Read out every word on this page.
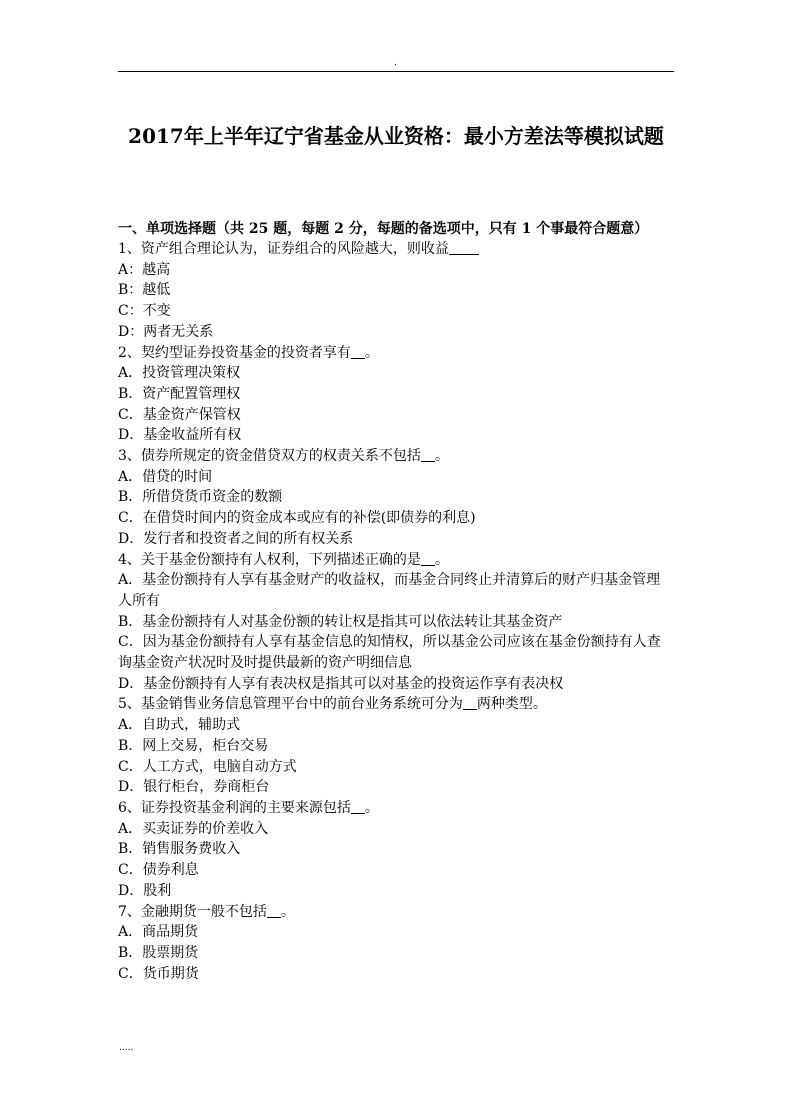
.
2017年上半年辽宁省基金从业资格：最小方差法等模拟试题
一、单项选择题（共 25 题，每题 2 分，每题的备选项中，只有 1 个事最符合题意）
1、资产组合理论认为，证券组合的风险越大，则收益
A：越高
B：越低
C：不变
D：两者无关系
2、契约型证券投资基金的投资者享有 。
A．投资管理决策权
B．资产配置管理权
C．基金资产保管权
D．基金收益所有权
3、债券所规定的资金借贷双方的权责关系不包括 。
A．借贷的时间
B．所借贷货币资金的数额
C．在借贷时间内的资金成本或应有的补偿(即债券的利息)
D．发行者和投资者之间的所有权关系
4、关于基金份额持有人权利，下列描述正确的是 。
A．基金份额持有人享有基金财产的收益权，而基金合同终止并清算后的财产归基金管理人所有
B．基金份额持有人对基金份额的转让权是指其可以依法转让其基金资产
C．因为基金份额持有人享有基金信息的知情权，所以基金公司应该在基金份额持有人查询基金资产状况时及时提供最新的资产明细信息
D．基金份额持有人享有表决权是指其可以对基金的投资运作享有表决权
5、基金销售业务信息管理平台中的前台业务系统可分为 两种类型。
A．自助式，辅助式
B．网上交易，柜台交易
C．人工方式，电脑自动方式
D．银行柜台，券商柜台
6、证券投资基金利润的主要来源包括 。
A．买卖证券的价差收入
B．销售服务费收入
C．债券利息
D．股利
7、金融期货一般不包括 。
A．商品期货
B．股票期货
C．货币期货
.....
